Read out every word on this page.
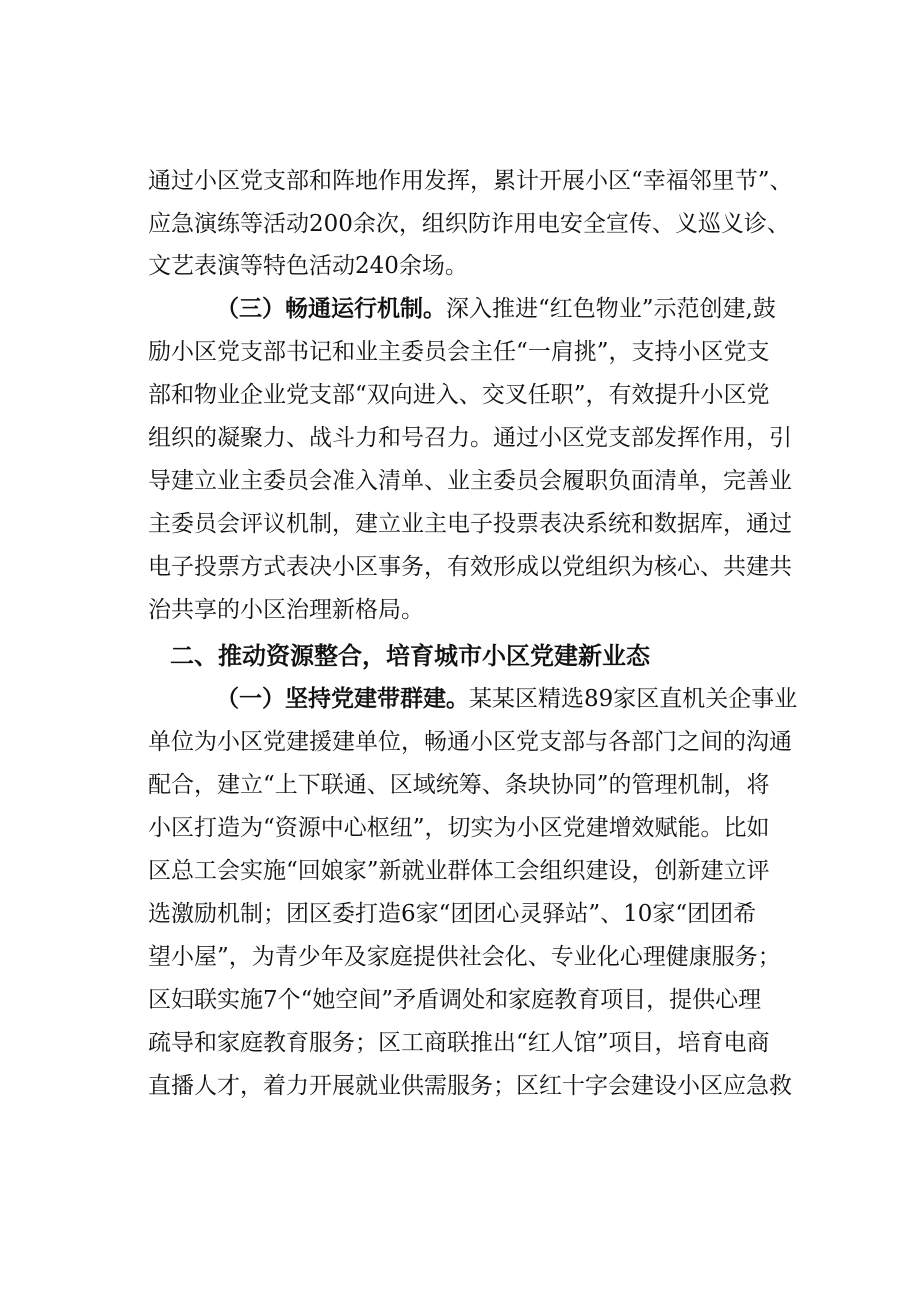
通过小区党支部和阵地作用发挥，累计开展小区“幸福邻里节”、

应急演练等活动200余次，组织防诈用电安全宣传、义巡义诊、

文艺表演等特色活动240余场。

（三）畅通运行机制。深入推进“红色物业”示范创建,鼓

励小区党支部书记和业主委员会主任“一肩挑”，支持小区党支

部和物业企业党支部“双向进入、交叉任职”，有效提升小区党

组织的凝聚力、战斗力和号召力。通过小区党支部发挥作用，引

导建立业主委员会准入清单、业主委员会履职负面清单，完善业

主委员会评议机制，建立业主电子投票表决系统和数据库，通过

电子投票方式表决小区事务，有效形成以党组织为核心、共建共

治共享的小区治理新格局。

二、推动资源整合，培育城市小区党建新业态

（一）坚持党建带群建。某某区精选89家区直机关企事业

单位为小区党建援建单位，畅通小区党支部与各部门之间的沟通

配合，建立“上下联通、区域统筹、条块协同”的管理机制，将

小区打造为“资源中心枢纽”，切实为小区党建增效赋能。比如

区总工会实施“回娘家”新就业群体工会组织建设，创新建立评

选激励机制；团区委打造6家“团团心灵驿站”、10家“团团希

望小屋”，为青少年及家庭提供社会化、专业化心理健康服务；

区妇联实施7个“她空间”矛盾调处和家庭教育项目，提供心理

疏导和家庭教育服务；区工商联推出“红人馆”项目，培育电商

直播人才，着力开展就业供需服务；区红十字会建设小区应急救
